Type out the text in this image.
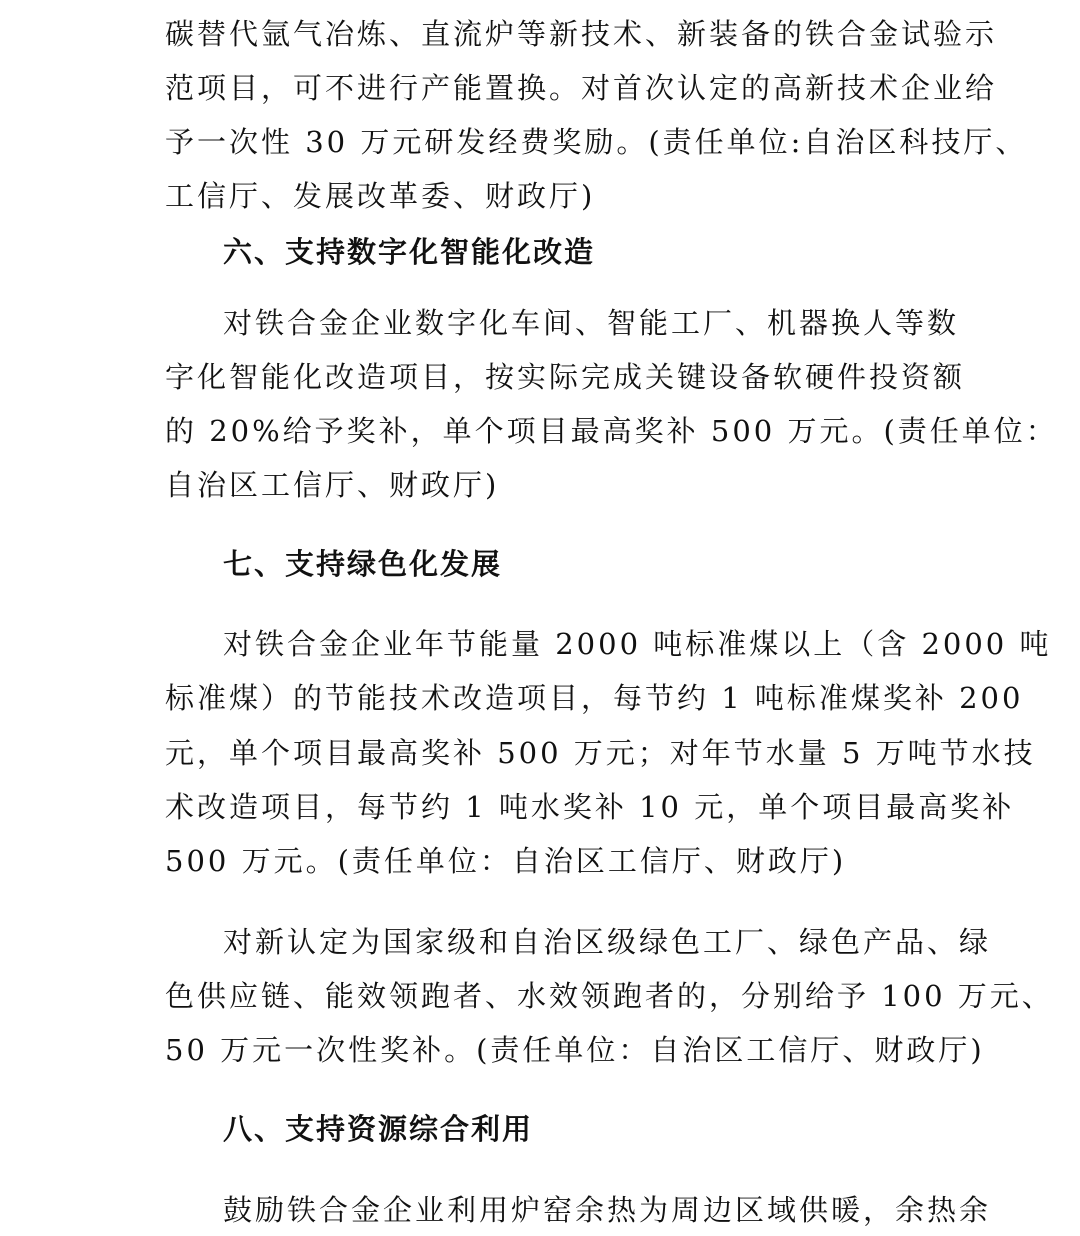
碳替代氩气冶炼、直流炉等新技术、新装备的铁合金试验示
范项目，可不进行产能置换。对首次认定的高新技术企业给
予一次性 30 万元研发经费奖励。(责任单位:自治区科技厅、
工信厅、发展改革委、财政厅)
六、支持数字化智能化改造
对铁合金企业数字化车间、智能工厂、机器换人等数
字化智能化改造项目，按实际完成关键设备软硬件投资额
的 20%给予奖补，单个项目最高奖补 500 万元。(责任单位：
自治区工信厅、财政厅)
七、支持绿色化发展
对铁合金企业年节能量 2000 吨标准煤以上（含 2000 吨
标准煤）的节能技术改造项目，每节约 1 吨标准煤奖补 200
元，单个项目最高奖补 500 万元；对年节水量 5 万吨节水技
术改造项目，每节约 1 吨水奖补 10 元，单个项目最高奖补
500 万元。(责任单位：自治区工信厅、财政厅)
对新认定为国家级和自治区级绿色工厂、绿色产品、绿
色供应链、能效领跑者、水效领跑者的，分别给予 100 万元、
50 万元一次性奖补。(责任单位：自治区工信厅、财政厅)
八、支持资源综合利用
鼓励铁合金企业利用炉窑余热为周边区域供暖，余热余
